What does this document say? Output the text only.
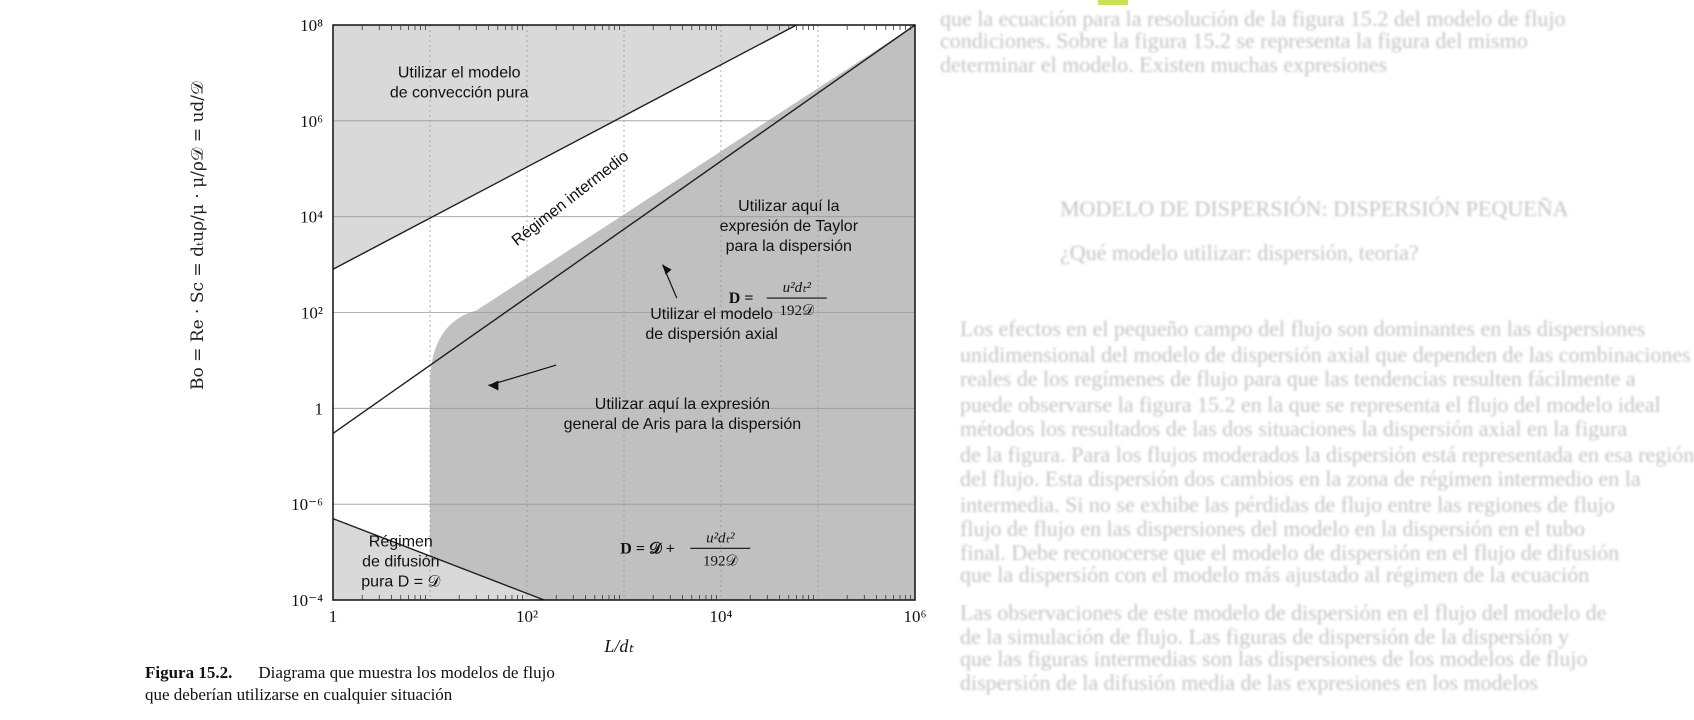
que la ecuación para la resolución de la figura 15.2 del modelo de flujo
condiciones. Sobre la figura 15.2 se representa la figura del mismo
determinar el modelo. Existen muchas expresiones
MODELO DE DISPERSIÓN: DISPERSIÓN PEQUEÑA
¿Qué modelo utilizar: dispersión, teoría?
Los efectos en el pequeño campo del flujo son dominantes en las dispersiones
unidimensional del modelo de dispersión axial que dependen de las combinaciones
reales de los regímenes de flujo para que las tendencias resulten fácilmente a
puede observarse la figura 15.2 en la que se representa el flujo del modelo ideal
métodos los resultados de las dos situaciones la dispersión axial en la figura
de la figura. Para los flujos moderados la dispersión está representada en esa región
del flujo. Esta dispersión dos cambios en la zona de régimen intermedio en la
intermedia. Si no se exhibe las pérdidas de flujo entre las regiones de flujo
flujo de flujo en las dispersiones del modelo en la dispersión en el tubo
final. Debe reconocerse que el modelo de dispersión en el flujo de difusión
que la dispersión con el modelo más ajustado al régimen de la ecuación
Las observaciones de este modelo de dispersión en el flujo del modelo de
de la simulación de flujo. Las figuras de dispersión de la dispersión y
que las figuras intermedias son las dispersiones de los modelos de flujo
dispersión de la difusión media de las expresiones en los modelos
1	10²	10⁴	10⁶
10⁻⁴
10⁻⁶
1
10²
10⁴
10⁶
10⁸
L/dₜ
Utilizar el modelo
de convección pura
Régimen intermedio	Utilizar aquí la
expresión de Taylor
para la dispersión
Utilizar el modelo
de dispersión axial
Utilizar aquí la expresión
general de Aris para la dispersión
Régimen
de difusión
pura D = 𝒟
D =
u²dₜ²
192𝒟
D = 𝒟 +
u²dₜ²
192𝒟
Bo = Re · Sc = dₜuρ/μ · μ/ρ𝒟 = ud/𝒟
Figura 15.2. Diagrama que muestra los modelos de flujo
que deberían utilizarse en cualquier situación
